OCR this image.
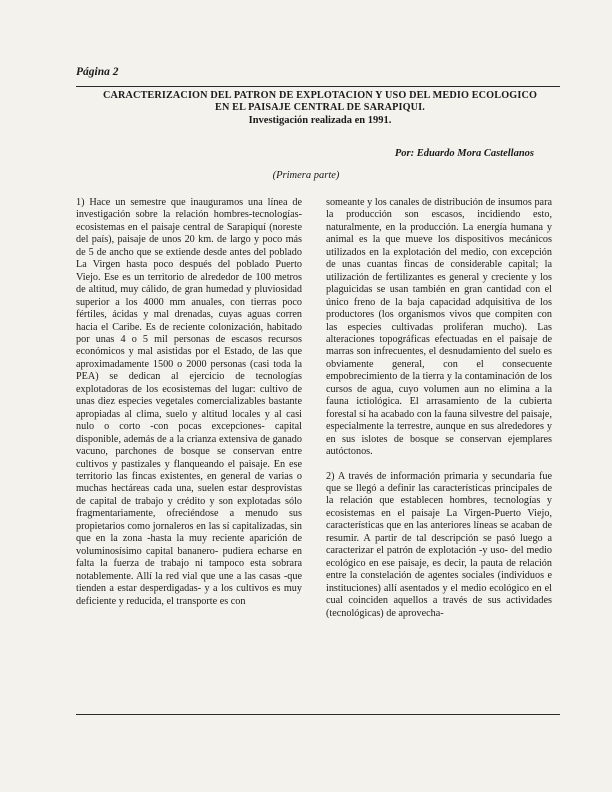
Página 2

CARACTERIZACION DEL PATRON DE EXPLOTACION Y USO DEL MEDIO ECOLOGICO

EN EL PAISAJE CENTRAL DE SARAPIQUI.

Investigación realizada en 1991.

Por: Eduardo Mora Castellanos
(Primera parte)

1) Hace un semestre que inauguramos una línea de investigación sobre la relación hombres-tecnologías-ecosistemas en el paisaje central de Sarapiquí (noreste del país), paisaje de unos 20 km. de largo y poco más de 5 de ancho que se extiende desde antes del poblado La Virgen hasta poco después del poblado Puerto Viejo. Ese es un territorio de alrededor de 100 metros de altitud, muy cálido, de gran humedad y pluviosidad superior a los 4000 mm anuales, con tierras poco fértiles, ácidas y mal drenadas, cuyas aguas corren hacia el Caribe. Es de reciente colonización, habitado por unas 4 o 5 mil personas de escasos recursos económicos y mal asistidas por el Estado, de las que aproximadamente 1500 o 2000 personas (casi toda la PEA) se dedican al ejercicio de tecnologías explotadoras de los ecosistemas del lugar: cultivo de unas diez especies vegetales comercializables bastante apropiadas al clima, suelo y altitud locales y al casi nulo o corto -con pocas excepciones- capital disponible, además de a la crianza extensiva de ganado vacuno, parchones de bosque se conservan entre cultivos y pastizales y flanqueando el paisaje. En ese territorio las fincas existentes, en general de varias o muchas hectáreas cada una, suelen estar desprovistas de capital de trabajo y crédito y son explotadas sólo fragmentariamente, ofreciéndose a menudo sus propietarios como jornaleros en las sí capitalizadas, sin que en la zona -hasta la muy reciente aparición de voluminosísimo capital bananero- pudiera echarse en falta la fuerza de trabajo ni tampoco esta sobrara notablemente. Allí la red vial que une a las casas -que tienden a estar desperdigadas- y a los cultivos es muy deficiente y reducida, el transporte es con

someante y los canales de distribución de insumos para la producción son escasos, incidiendo esto, naturalmente, en la producción. La energía humana y animal es la que mueve los dispositivos mecánicos utilizados en la explotación del medio, con excepción de unas cuantas fincas de considerable capital; la utilización de fertilizantes es general y creciente y los plaguicidas se usan también en gran cantidad con el único freno de la baja capacidad adquisitiva de los productores (los organismos vivos que compiten con las especies cultivadas proliferan mucho). Las alteraciones topográficas efectuadas en el paisaje de marras son infrecuentes, el desnudamiento del suelo es obviamente general, con el consecuente empobrecimiento de la tierra y la contaminación de los cursos de agua, cuyo volumen aun no elimina a la fauna ictiológica. El arrasamiento de la cubierta forestal sí ha acabado con la fauna silvestre del paisaje, especialmente la terrestre, aunque en sus alrededores y en sus islotes de bosque se conservan ejemplares autóctonos.

2) A través de información primaria y secundaria fue que se llegó a definir las características principales de la relación que establecen hombres, tecnologías y ecosistemas en el paisaje La Virgen-Puerto Viejo, características que en las anteriores líneas se acaban de resumir. A partir de tal descripción se pasó luego a caracterizar el patrón de explotación -y uso- del medio ecológico en ese paisaje, es decir, la pauta de relación entre la constelación de agentes sociales (individuos e instituciones) allí asentados y el medio ecológico en el cual coinciden aquellos a través de sus actividades (tecnológicas) de aprovecha-
